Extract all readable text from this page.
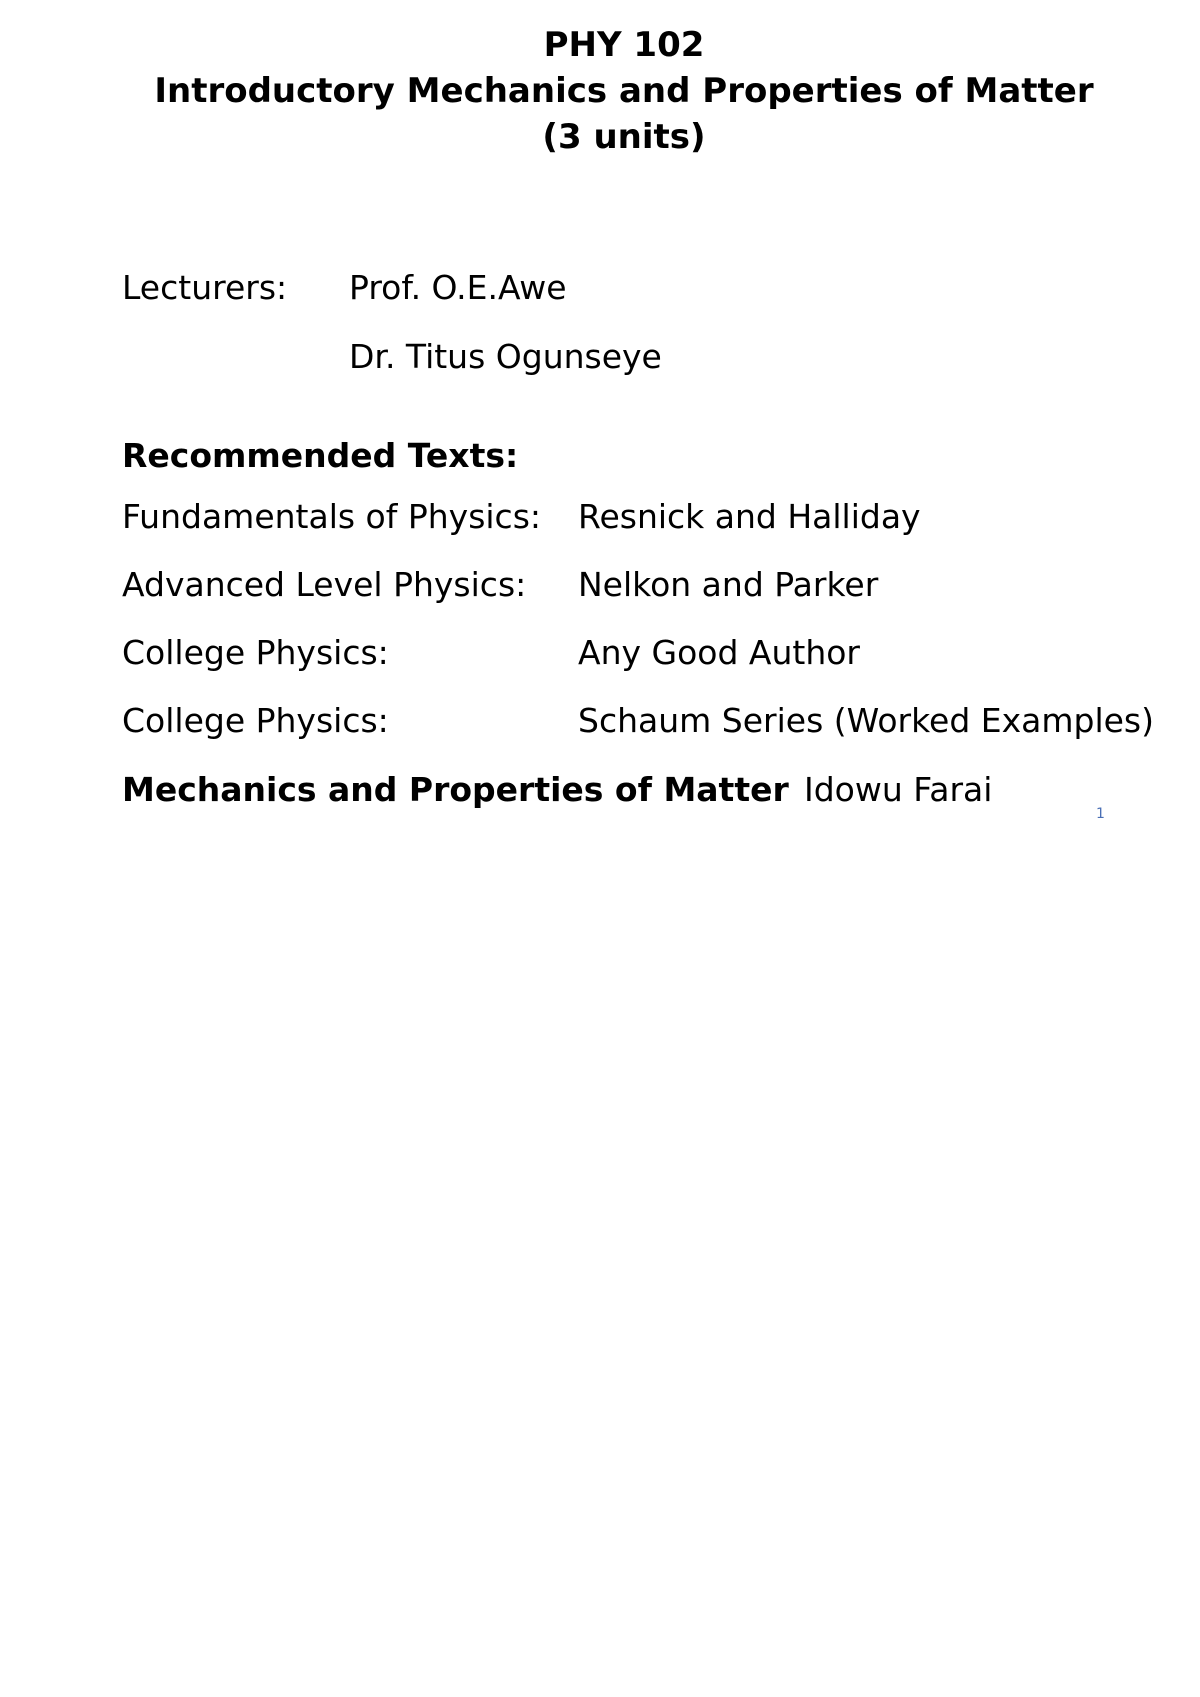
PHY 102
Introductory Mechanics and Properties of Matter
(3 units)
Lecturers: Prof. O.E.Awe
Dr. Titus Ogunseye
Recommended Texts:
Fundamentals of Physics: Resnick and Halliday
Advanced Level Physics: Nelkon and Parker
College Physics:	Any Good Author
College Physics:	Schaum Series (Worked Examples)
Mechanics and Properties of Matter Idowu Farai
1
